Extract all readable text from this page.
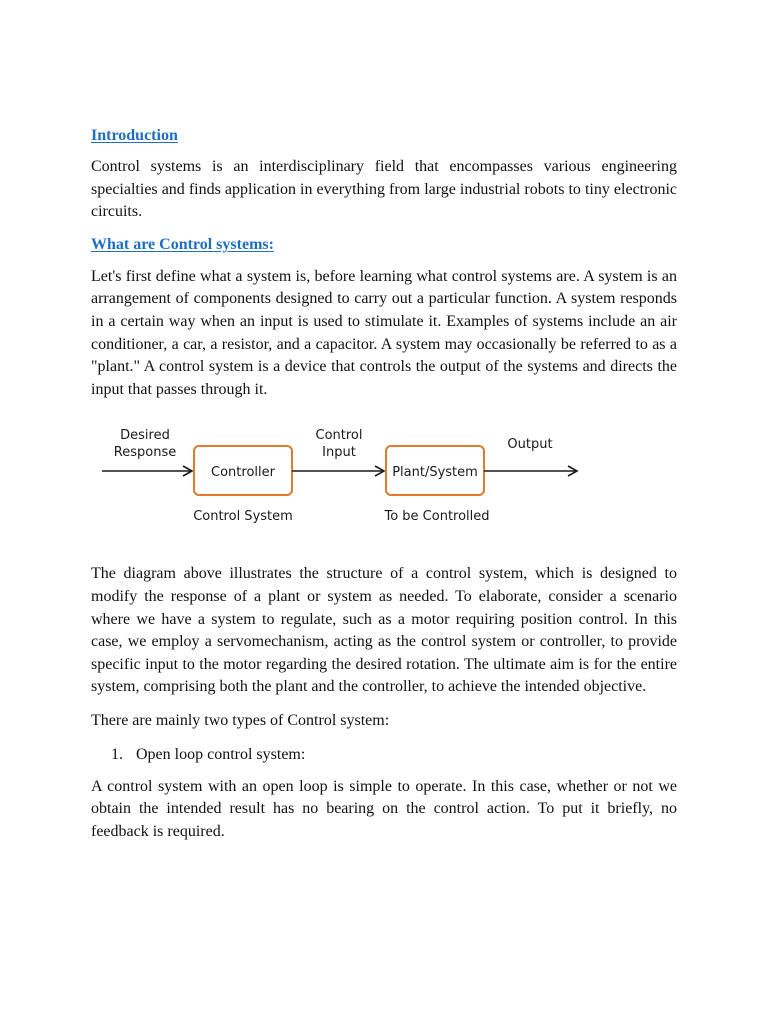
Introduction

Control systems is an interdisciplinary field that encompasses various engineering specialties and finds application in everything from large industrial robots to tiny electronic circuits.

What are Control systems:

Let's first define what a system is, before learning what control systems are. A system is an arrangement of components designed to carry out a particular function. A system responds in a certain way when an input is used to stimulate it. Examples of systems include an air conditioner, a car, a resistor, and a capacitor. A system may occasionally be referred to as a "plant." A control system is a device that controls the output of the systems and directs the input that passes through it.

Desired
Response
Controller
Control System
Control
Input
Plant/System
To be Controlled
Output

The diagram above illustrates the structure of a control system, which is designed to modify the response of a plant or system as needed. To elaborate, consider a scenario where we have a system to regulate, such as a motor requiring position control. In this case, we employ a servomechanism, acting as the control system or controller, to provide specific input to the motor regarding the desired rotation. The ultimate aim is for the entire system, comprising both the plant and the controller, to achieve the intended objective.

There are mainly two types of Control system:

1. Open loop control system:

A control system with an open loop is simple to operate. In this case, whether or not we obtain the intended result has no bearing on the control action. To put it briefly, no feedback is required.
